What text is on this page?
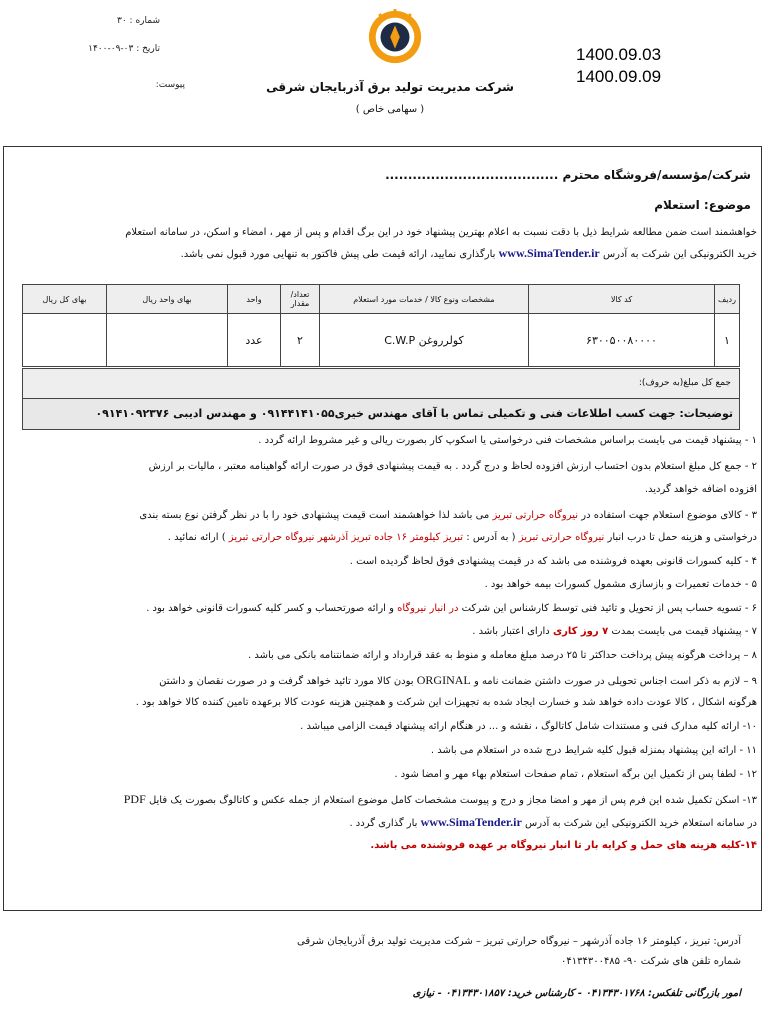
شماره : ۳۰
تاریخ : ۰۳-۰۹-۱۴۰۰
پیوست:	شرکت مدیریت تولید برق آذربایجان شرقی
( سهامی خاص )
1400.09.03
1400.09.09
شرکت/مؤسسه/فروشگاه محترم ......................................
موضوع: استعلام
خواهشمند است ضمن مطالعه شرایط ذیل با دقت نسبت به اعلام بهترین پیشنهاد خود در این برگ اقدام و پس از مهر ، امضاء و اسکن، در سامانه استعلام
خرید الکترونیکی این شرکت به آدرس www.SimaTender.ir بارگذاری نمایید، ارائه قیمت طی پیش فاکتور به تنهایی مورد قبول نمی باشد.
ردیف	کد کالا	مشخصات ونوع کالا / خدمات مورد استعلام	تعداد/ مقدار	واحد	بهای واحد ریال	بهای کل ریال
۱	۶۳۰۰۵۰۰۸۰۰۰۰	کولرروغن C.W.P	۲	عدد		
جمع کل مبلغ(به حروف):
توضیحات: جهت کسب اطلاعات فنی و تکمیلی تماس با آقای مهندس خیری۰۹۱۴۴۱۴۱۰۵۵ و مهندس ادیبی ۰۹۱۴۱۰۹۲۳۷۶
۱ - پیشنهاد قیمت می بایست براساس مشخصات فنی درخواستی یا اسکوپ کار بصورت ریالی و غیر مشروط ارائه گردد .
۲ - جمع کل مبلغ استعلام بدون احتساب ارزش افزوده لحاظ و درج گردد . به قیمت پیشنهادی فوق در صورت ارائه گواهینامه معتبر ، مالیات بر ارزش
افزوده اضافه خواهد گردید.
۳ - کالای موضوع استعلام جهت استفاده در نیروگاه حرارتی تبریز می باشد لذا خواهشمند است قیمت پیشنهادی خود را با در نظر گرفتن نوع بسته بندی
درخواستی و هزینه حمل تا درب انبار نیروگاه حرارتی تبریز ( به آدرس : تبریز کیلومتر ۱۶ جاده تبریز آذرشهر نیروگاه حرارتی تبریز ) ارائه نمائید .
۴ - کلیه کسورات قانونی بعهده فروشنده می باشد که در قیمت پیشنهادی فوق لحاظ گردیده است .
۵ - خدمات تعمیرات و بازسازی مشمول کسورات بیمه خواهد بود .
۶ - تسویه حساب پس از تحویل و تائید فنی توسط کارشناس این شرکت در انبار نیروگاه و ارائه صورتحساب و کسر کلیه کسورات قانونی خواهد بود .
۷ - پیشنهاد قیمت می بایست بمدت ۷ روز کاری دارای اعتبار باشد .
۸ – پرداخت هرگونه پیش پرداخت حداکثر تا ۲۵ درصد مبلغ معامله و منوط به عقد قرارداد و ارائه ضمانتنامه بانکی می باشد .
۹ – لازم به ذکر است اجناس تحویلی در صورت داشتن ضمانت نامه و ORGINAL بودن کالا مورد تائید خواهد گرفت و در صورت نقصان و داشتن
هرگونه اشکال ، کالا عودت داده خواهد شد و خسارت ایجاد شده به تجهیزات این شرکت و همچنین هزینه عودت کالا برعهده تامین کننده کالا خواهد بود .
۱۰- ارائه کلیه مدارک فنی و مستندات شامل کاتالوگ ، نقشه و ... در هنگام ارائه پیشنهاد قیمت الزامی میباشد .
۱۱ - ارائه این پیشنهاد بمنزله قبول کلیه شرایط درج شده در استعلام می باشد .
۱۲ - لطفا پس از تکمیل این برگه استعلام ، تمام صفحات استعلام بهاء مهر و امضا شود .
۱۳- اسکن تکمیل شده این فرم پس از مهر و امضا مجاز و درج و پیوست مشخصات کامل موضوع استعلام از جمله عکس و کاتالوگ بصورت یک فایل PDF
در سامانه استعلام خرید الکترونیکی این شرکت به آدرس www.SimaTender.ir بار گذاری گردد .
۱۴-کلیه هزینه های حمل و کرایه بار تا انبار نیروگاه بر عهده فروشنده می باشد.
آدرس: تبریز ، کیلومتر ۱۶ جاده آذرشهر – نیروگاه حرارتی تبریز – شرکت مدیریت تولید برق آذربایجان شرقی
شماره تلفن های شرکت ۹۰- ۰۴۱۳۴۳۰۰۴۸۵
امور بازرگانی تلفکس: ۰۴۱۳۴۳۰۱۷۶۸ - کارشناس خرید: ۰۴۱۳۴۳۰۱۸۵۷ - نیازی
